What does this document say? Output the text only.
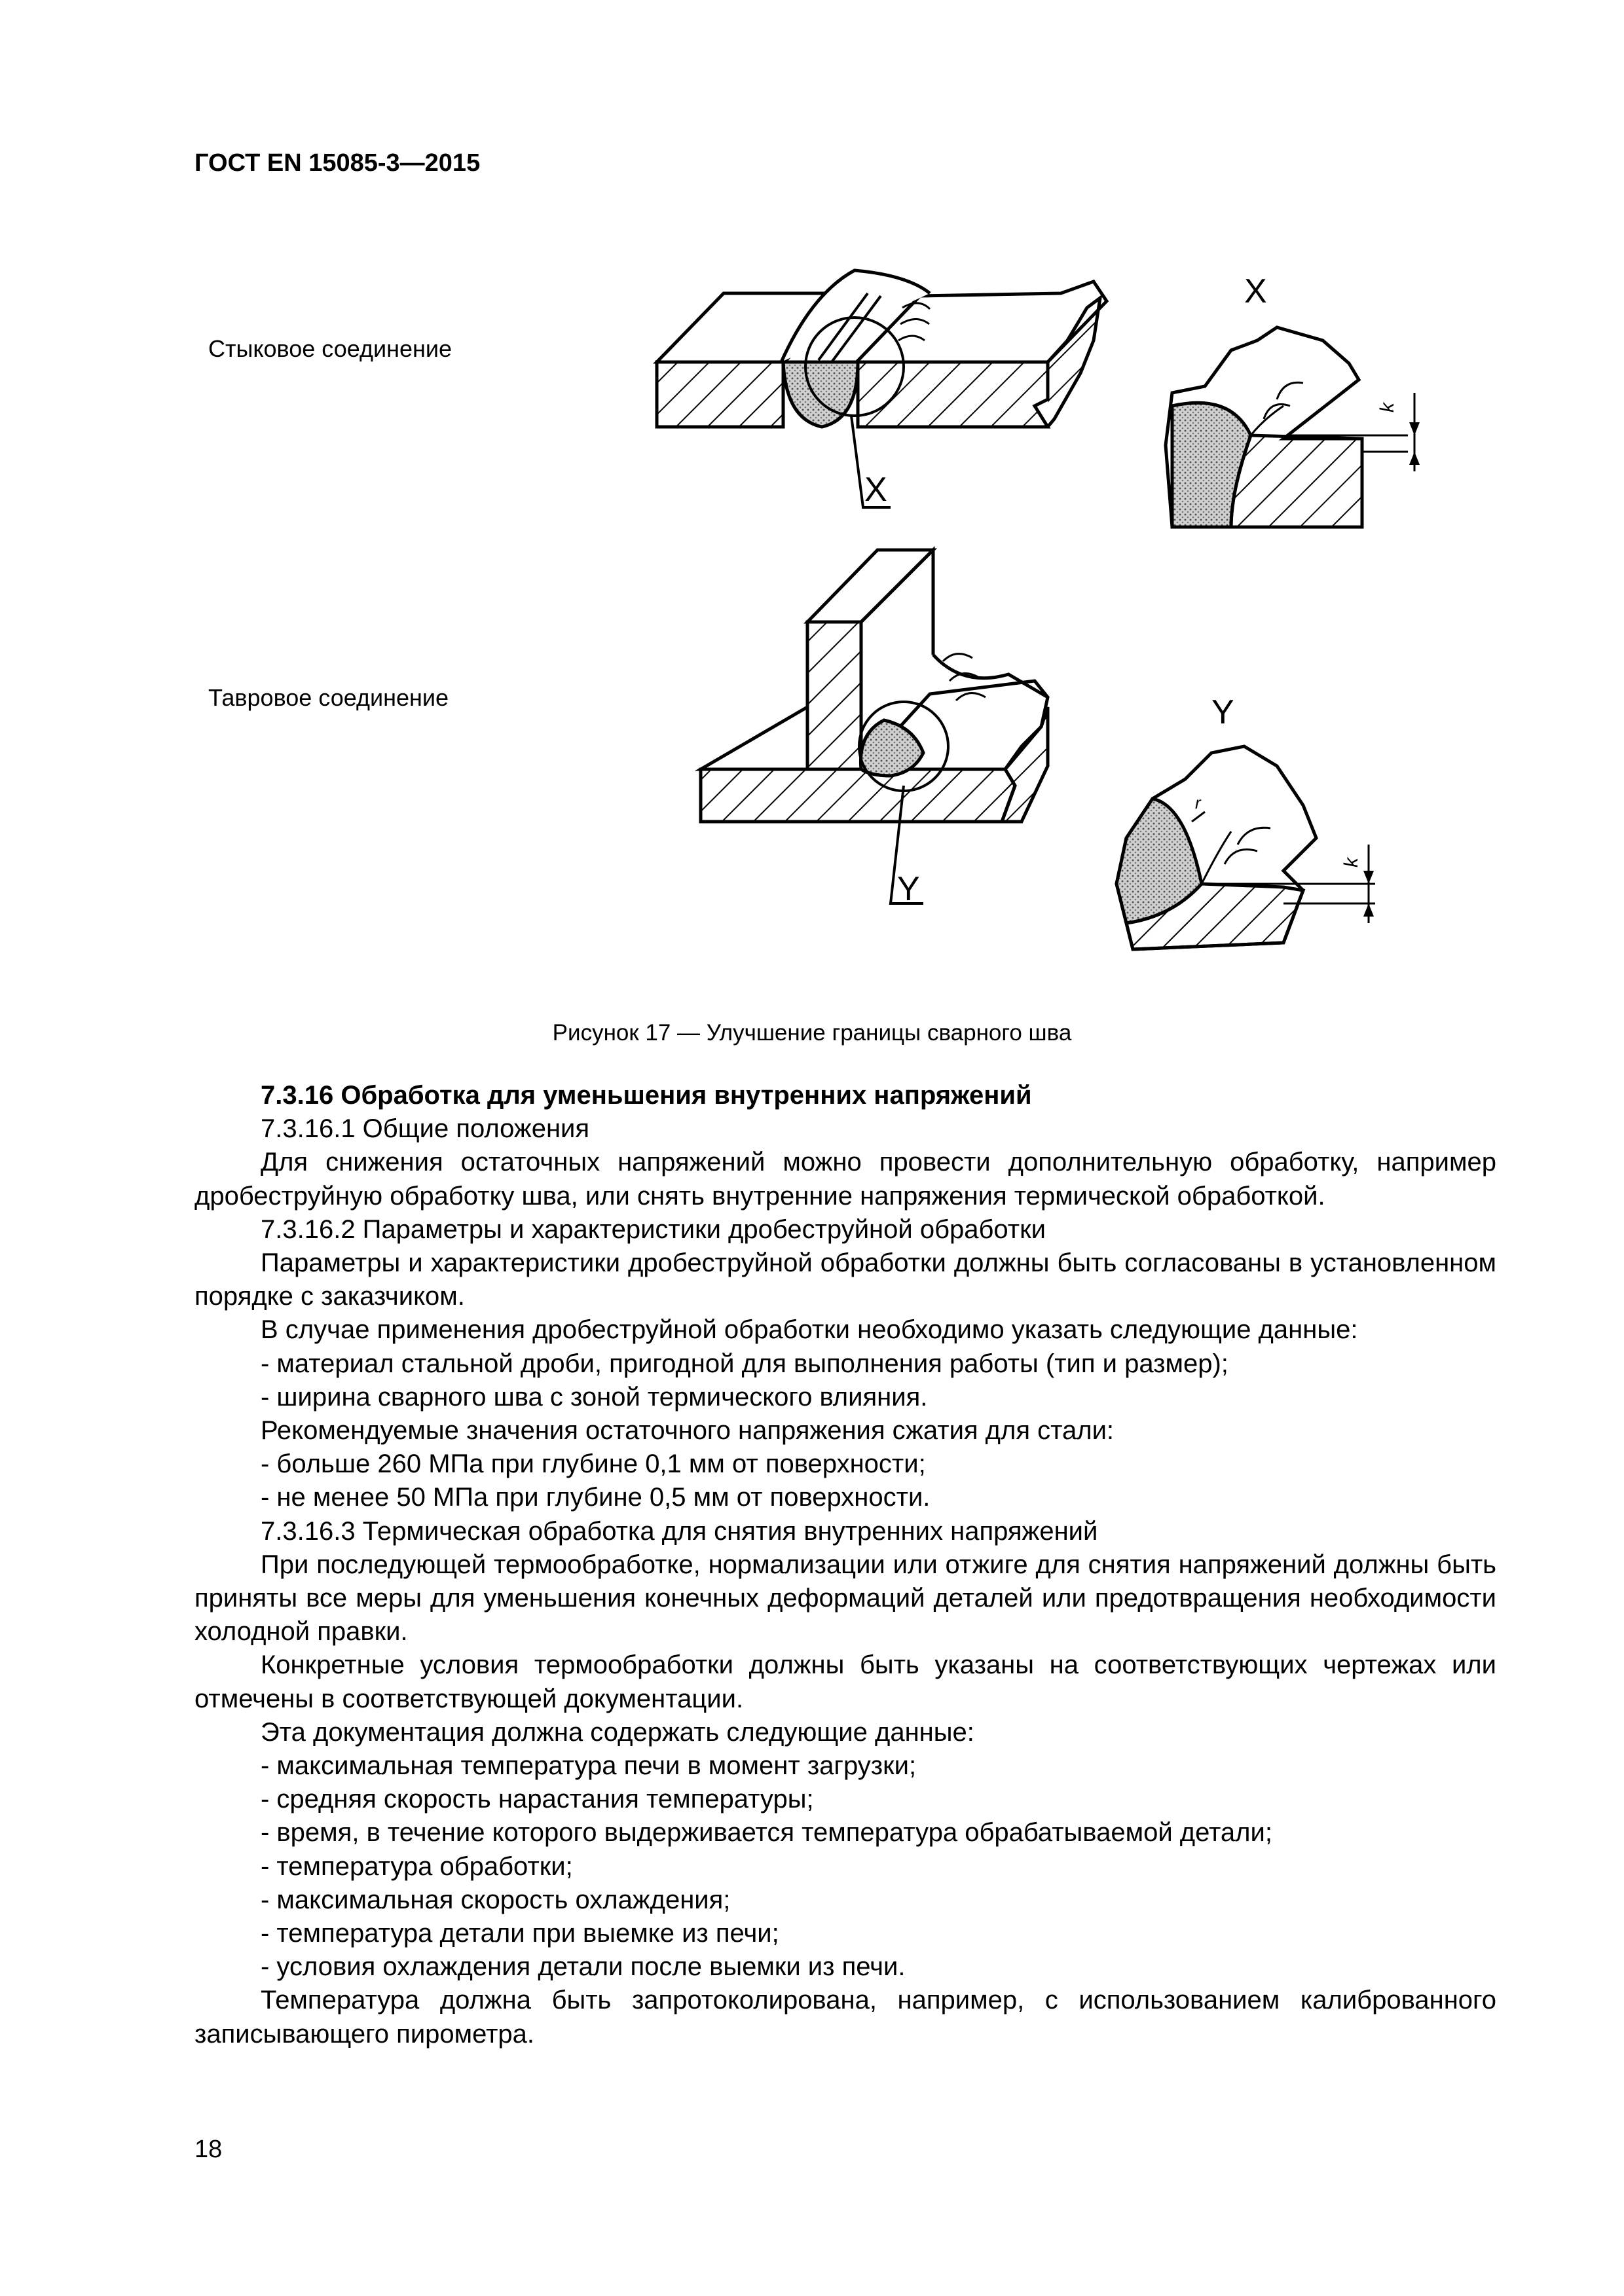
ГОСТ EN 15085-3—2015
Стыковое соединение
Тавровое соединение
X
X
k
Y
Y
k
r
Рисунок 17 — Улучшение границы сварного шва

7.3.16 Обработка для уменьшения внутренних напряжений

7.3.16.1 Общие положения

Для снижения остаточных напряжений можно провести дополнительную обработку, например дробеструйную обработку шва, или снять внутренние напряжения термической обработкой.

7.3.16.2 Параметры и характеристики дробеструйной обработки

Параметры и характеристики дробеструйной обработки должны быть согласованы в установленном порядке с заказчиком.

В случае применения дробеструйной обработки необходимо указать следующие данные:

- материал стальной дроби, пригодной для выполнения работы (тип и размер);

- ширина сварного шва с зоной термического влияния.

Рекомендуемые значения остаточного напряжения сжатия для стали:

- больше 260 МПа при глубине 0,1 мм от поверхности;

- не менее 50 МПа при глубине 0,5 мм от поверхности.

7.3.16.3 Термическая обработка для снятия внутренних напряжений

При последующей термообработке, нормализации или отжиге для снятия напряжений должны быть приняты все меры для уменьшения конечных деформаций деталей или предотвращения необходимости холодной правки.

Конкретные условия термообработки должны быть указаны на соответствующих чертежах или отмечены в соответствующей документации.

Эта документация должна содержать следующие данные:

- максимальная температура печи в момент загрузки;

- средняя скорость нарастания температуры;

- время, в течение которого выдерживается температура обрабатываемой детали;

- температура обработки;

- максимальная скорость охлаждения;

- температура детали при выемке из печи;

- условия охлаждения детали после выемки из печи.

Температура должна быть запротоколирована, например, с использованием калиброванного записывающего пирометра.

18
